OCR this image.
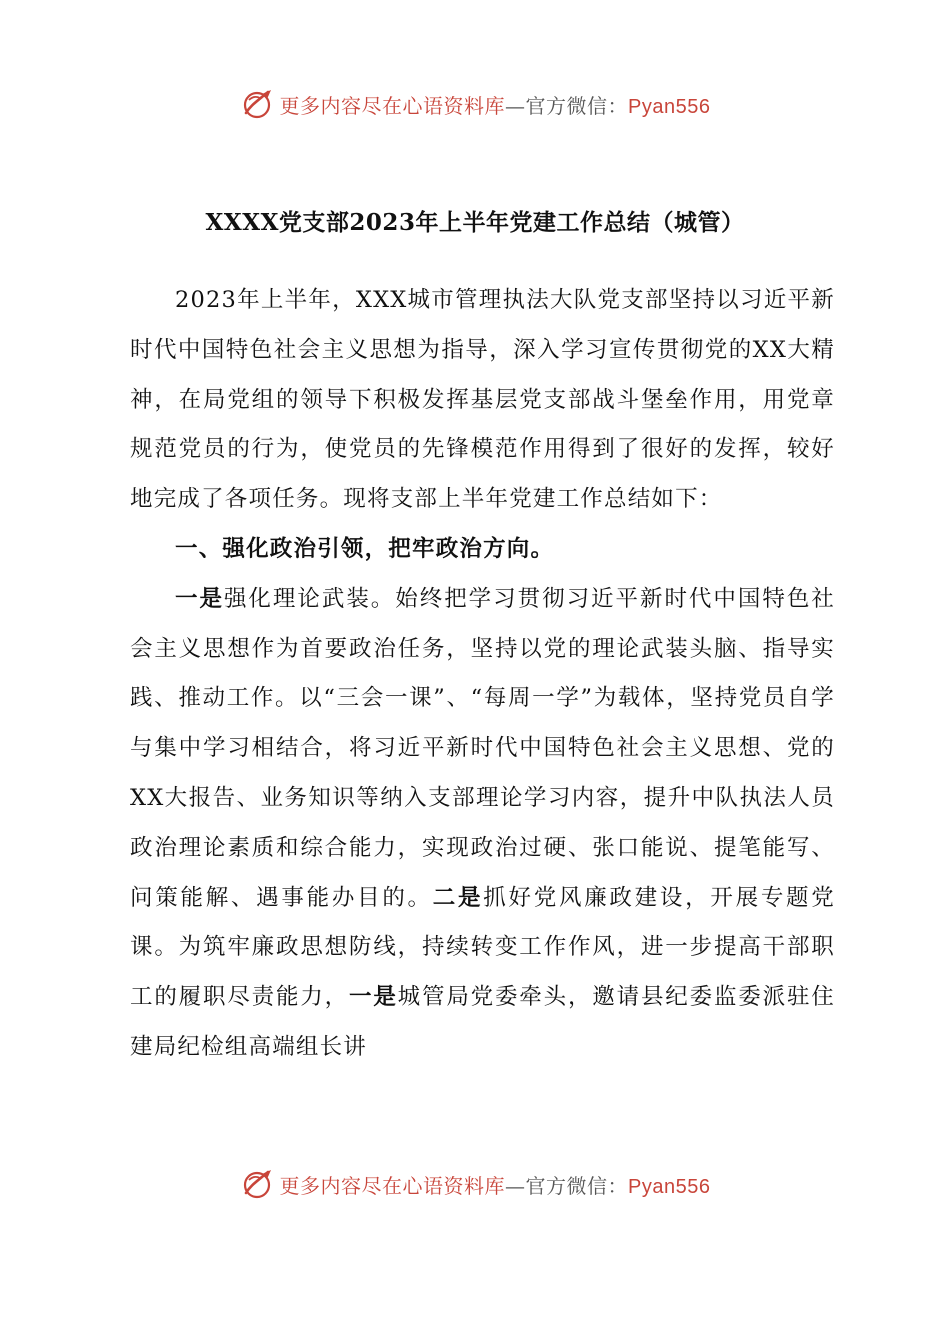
更多内容尽在心语资料库—官方微信：Pyan556
XXXX党支部2023年上半年党建工作总结（城管）

2023年上半年，XXX城市管理执法大队党支部坚持以习近平新时代中国特色社会主义思想为指导，深入学习宣传贯彻党的XX大精神，在局党组的领导下积极发挥基层党支部战斗堡垒作用，用党章规范党员的行为，使党员的先锋模范作用得到了很好的发挥，较好地完成了各项任务。现将支部上半年党建工作总结如下：

一、强化政治引领，把牢政治方向。

一是强化理论武装。始终把学习贯彻习近平新时代中国特色社会主义思想作为首要政治任务，坚持以党的理论武装头脑、指导实践、推动工作。以“三会一课”、“每周一学”为载体，坚持党员自学与集中学习相结合，将习近平新时代中国特色社会主义思想、党的XX大报告、业务知识等纳入支部理论学习内容，提升中队执法人员政治理论素质和综合能力，实现政治过硬、张口能说、提笔能写、问策能解、遇事能办目的。二是抓好党风廉政建设，开展专题党课。为筑牢廉政思想防线，持续转变工作作风，进一步提高干部职工的履职尽责能力，一是城管局党委牵头，邀请县纪委监委派驻住建局纪检组高端组长讲

更多内容尽在心语资料库—官方微信：Pyan556
